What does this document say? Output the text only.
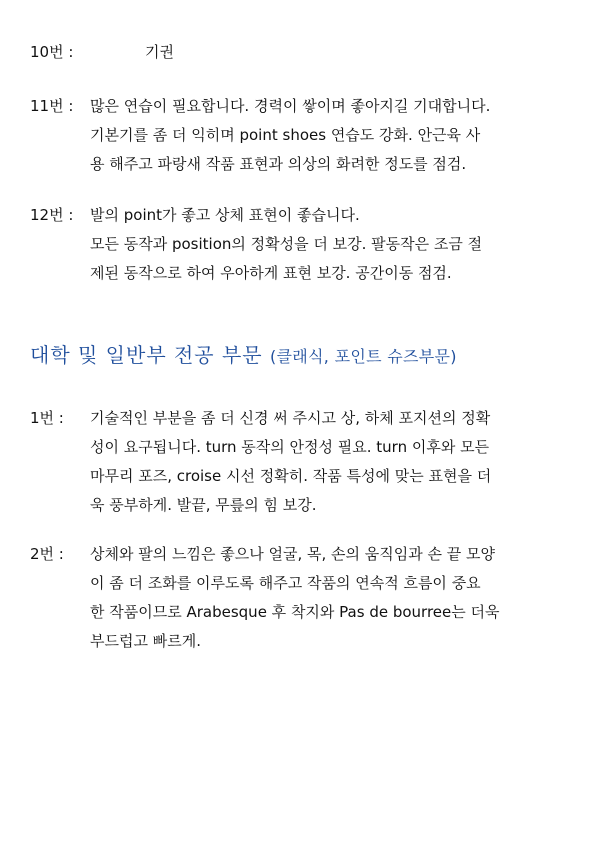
10번 :	기권
11번 : 많은 연습이 필요합니다. 경력이 쌓이며 좋아지길 기대합니다.
기본기를 좀 더 익히며 point shoes 연습도 강화. 안근육 사
용 해주고 파랑새 작품 표현과 의상의 화려한 정도를 점검.
12번 : 발의 point가 좋고 상체 표현이 좋습니다.
모든 동작과 position의 정확성을 더 보강. 팔동작은 조금 절
제된 동작으로 하여 우아하게 표현 보강. 공간이동 점검.
대학 및 일반부 전공 부문 (클래식, 포인트 슈즈부문)
1번 : 기술적인 부분을 좀 더 신경 써 주시고 상, 하체 포지션의 정확
성이 요구됩니다. turn 동작의 안정성 필요. turn 이후와 모든
마무리 포즈, croise 시선 정확히. 작품 특성에 맞는 표현을 더
욱 풍부하게. 발끝, 무릎의 힘 보강.
2번 : 상체와 팔의 느낌은 좋으나 얼굴, 목, 손의 움직임과 손 끝 모양
이 좀 더 조화를 이루도록 해주고 작품의 연속적 흐름이 중요
한 작품이므로 Arabesque 후 착지와 Pas de bourree는 더욱
부드럽고 빠르게.
